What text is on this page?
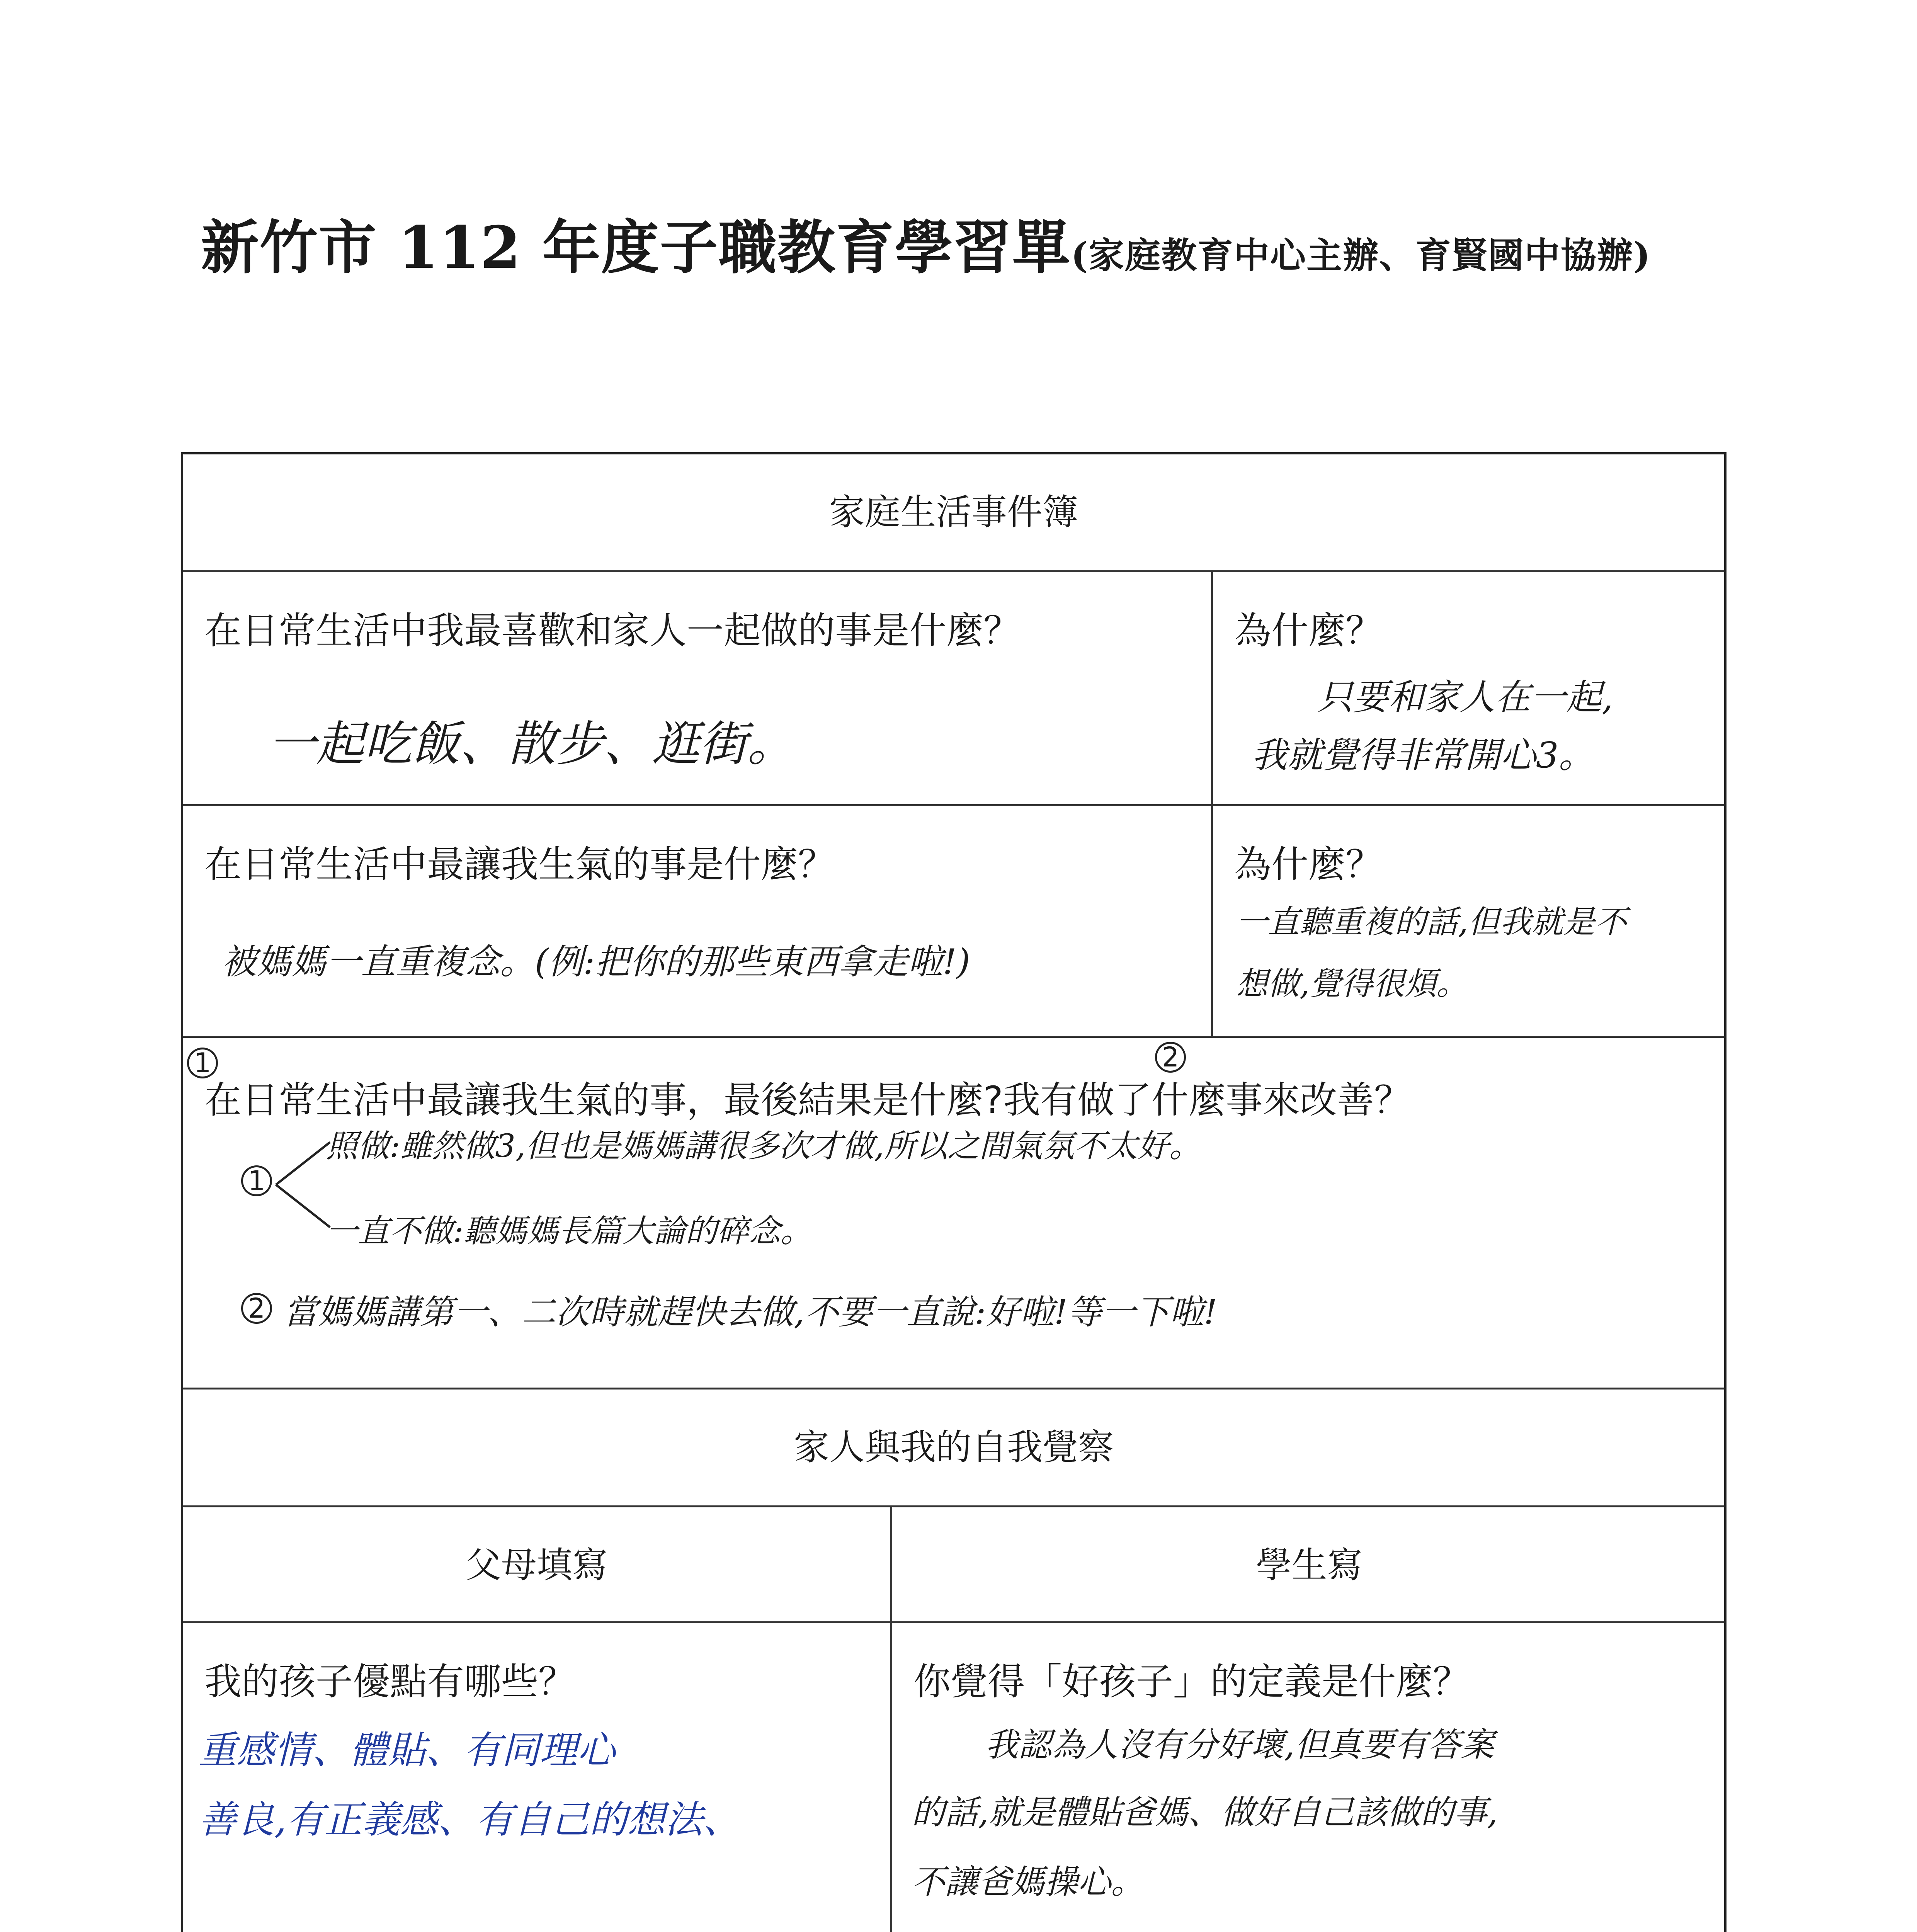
新竹市 112 年度子職教育學習單(家庭教育中心主辦、育賢國中協辦)
家庭生活事件簿
在日常生活中我最喜歡和家人一起做的事是什麼？
一起吃飯、散步、逛街。
為什麼？
只要和家人在一起,
我就覺得非常開心3。
在日常生活中最讓我生氣的事是什麼？
被媽媽一直重複念。(例:把你的那些東西拿走啦!)
為什麼？
一直聽重複的話,但我就是不
想做,覺得很煩。
1	2
在日常生活中最讓我生氣的事，最後結果是什麼?我有做了什麼事來改善？
1
照做:雖然做3,但也是媽媽講很多次才做,所以之間氣氛不太好。
一直不做:聽媽媽長篇大論的碎念。
2 當媽媽講第一、二次時就趕快去做,不要一直說:好啦!等一下啦!
家人與我的自我覺察
父母填寫	學生寫
我的孩子優點有哪些？
重感情、體貼、有同理心
善良,有正義感、有自己的想法、
你覺得「好孩子」的定義是什麼？
我認為人沒有分好壞,但真要有答案
的話,就是體貼爸媽、做好自己該做的事,
不讓爸媽操心。
